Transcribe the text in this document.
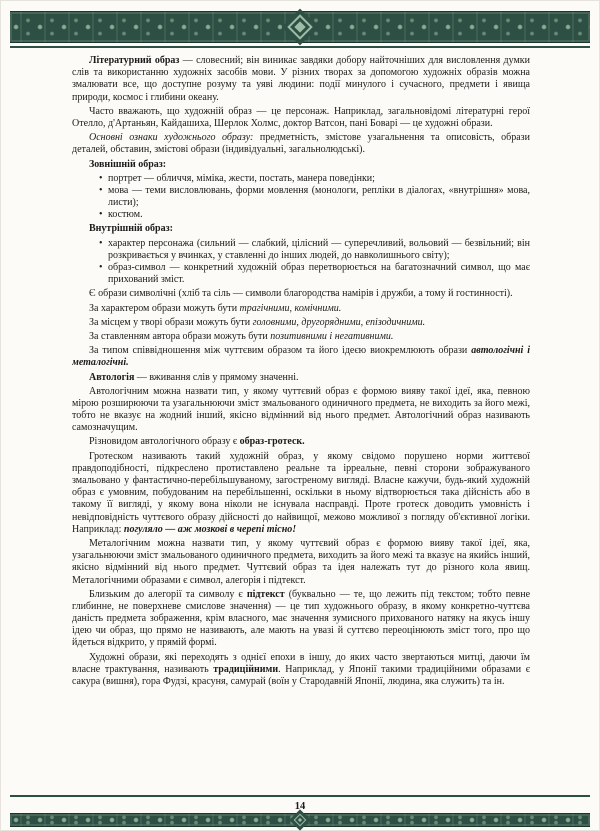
Літературний образ — словесний; він виникає завдяки добору найточніших для висловлення думки слів та використанню художніх засобів мови. У різних творах за допомогою художніх образів можна змалювати все, що доступне розуму та уяві людини: події минулого і сучасного, предмети і явища природи, космос і глибини океану.

Часто вважають, що художній образ — це персонаж. Наприклад, загальновідомі літературні герої Отелло, д'Артаньян, Кайдашиха, Шерлок Холмс, доктор Ватсон, пані Боварі — це художні образи.

Основні ознаки художнього образу: предметність, змістове узагальнення та описовість, образи деталей, обставин, змістові образи (індивідуальні, загальнолюдські).

Зовнішній образ:

• портрет — обличчя, міміка, жести, постать, манера поведінки;
• мова — теми висловлювань, форми мовлення (монологи, репліки в діалогах, «внутрішня» мова, листи);
• костюм.

Внутрішній образ:

• характер персонажа (сильний — слабкий, цілісний — суперечливий, вольовий — безвільний; він розкривається у вчинках, у ставленні до інших людей, до навколишнього світу);
• образ-символ — конкретний художній образ перетворюється на багатозначний символ, що має прихований зміст.

Є образи символічні (хліб та сіль — символи благородства намірів і дружби, а тому й гостинності).

За характером образи можуть бути трагічними, комічними.

За місцем у творі образи можуть бути головними, другорядними, епізодичними.

За ставленням автора образи можуть бути позитивними і негативними.

За типом співвідношення між чуттєвим образом та його ідеєю виокремлюють образи автологічні і металогічні.

Автологія — вживання слів у прямому значенні.

Автологічним можна назвати тип, у якому чуттєвий образ є формою вияву такої ідеї, яка, певною мірою розширюючи та узагальнюючи зміст змальованого одиничного предмета, не виходить за його межі, тобто не вказує на жодний інший, якісно відмінний від нього предмет. Автологічний образ називають самозначущим.

Різновидом автологічного образу є образ-гротеск.

Гротеском називають такий художній образ, у якому свідомо порушено норми життєвої правдоподібності, підкреслено протиставлено реальне та ірреальне, певні сторони зображуваного змальовано у фантастично-перебільшуваному, загостреному вигляді. Власне кажучи, будь-який художній образ є умовним, побудованим на перебільшенні, оскільки в ньому відтворюється така дійсність або в такому її вигляді, у якому вона ніколи не існувала насправді. Проте гротеск доводить умовність і невідповідність чуттєвого образу дійсності до найвищої, межово можливої з погляду об'єктивної логіки. Наприклад: погуляло — аж мозкові в черепі тісно!

Металогічним можна назвати тип, у якому чуттєвий образ є формою вияву такої ідеї, яка, узагальнюючи зміст змальованого одиничного предмета, виходить за його межі та вказує на якийсь інший, якісно відмінний від нього предмет. Чуттєвий образ та ідея належать тут до різного кола явищ. Металогічними образами є символ, алегорія і підтекст.

Близьким до алегорії та символу є підтекст (буквально — те, що лежить під текстом; тобто певне глибинне, не поверхневе смислове значення) — це тип художнього образу, в якому конкретно-чуттєва даність предмета зображення, крім власного, має значення зумисного прихованого натяку на якусь іншу ідею чи образ, що прямо не називають, але мають на увазі й суттєво переоцінюють зміст того, про що йдеться відкрито, у прямій формі.

Художні образи, які переходять з однієї епохи в іншу, до яких часто звертаються митці, даючи їм власне трактування, називають традиційними. Наприклад, у Японії такими традиційними образами є сакура (вишня), гора Фудзі, красуня, самурай (воїн у Стародавній Японії, людина, яка служить) та ін.

14
